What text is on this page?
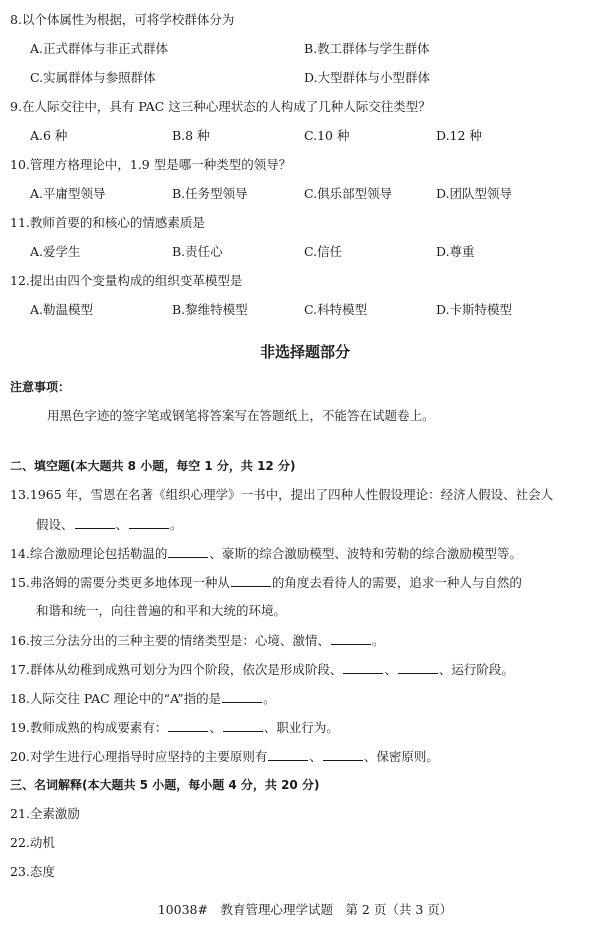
8.以个体属性为根据，可将学校群体分为
A.正式群体与非正式群体	B.教工群体与学生群体
C.实属群体与参照群体	D.大型群体与小型群体
9.在人际交往中，具有 PAC 这三种心理状态的人构成了几种人际交往类型？
A.6 种	B.8 种	C.10 种	D.12 种
10.管理方格理论中，1.9 型是哪一种类型的领导？
A.平庸型领导	B.任务型领导	C.俱乐部型领导	D.团队型领导
11.教师首要的和核心的情感素质是
A.爱学生	B.责任心	C.信任	D.尊重
12.提出由四个变量构成的组织变革模型是
A.勒温模型	B.黎维特模型	C.科特模型	D.卡斯特模型
非选择题部分
注意事项：
用黑色字迹的签字笔或钢笔将答案写在答题纸上，不能答在试题卷上。
二、填空题(本大题共 8 小题，每空 1 分，共 12 分)
13.1965 年，雪恩在名著《组织心理学》一书中，提出了四种人性假设理论：经济人假设、社会人
假设、	、	。
14.综合激励理论包括勒温的	、豪斯的综合激励模型、波特和劳勒的综合激励模型等。
15.弗洛姆的需要分类更多地体现一种从	的角度去看待人的需要，追求一种人与自然的
和谐和统一，向往普遍的和平和大统的环境。
16.按三分法分出的三种主要的情绪类型是：心境、激情、	。
17.群体从幼稚到成熟可划分为四个阶段，依次是形成阶段、	、	、运行阶段。
18.人际交往 PAC 理论中的“A”指的是	。
19.教师成熟的构成要素有：	、	、职业行为。
20.对学生进行心理指导时应坚持的主要原则有	、	、保密原则。
三、名词解释(本大题共 5 小题，每小题 4 分，共 20 分)
21.全素激励
22.动机
23.态度
10038#　教育管理心理学试题　第 2 页（共 3 页）
